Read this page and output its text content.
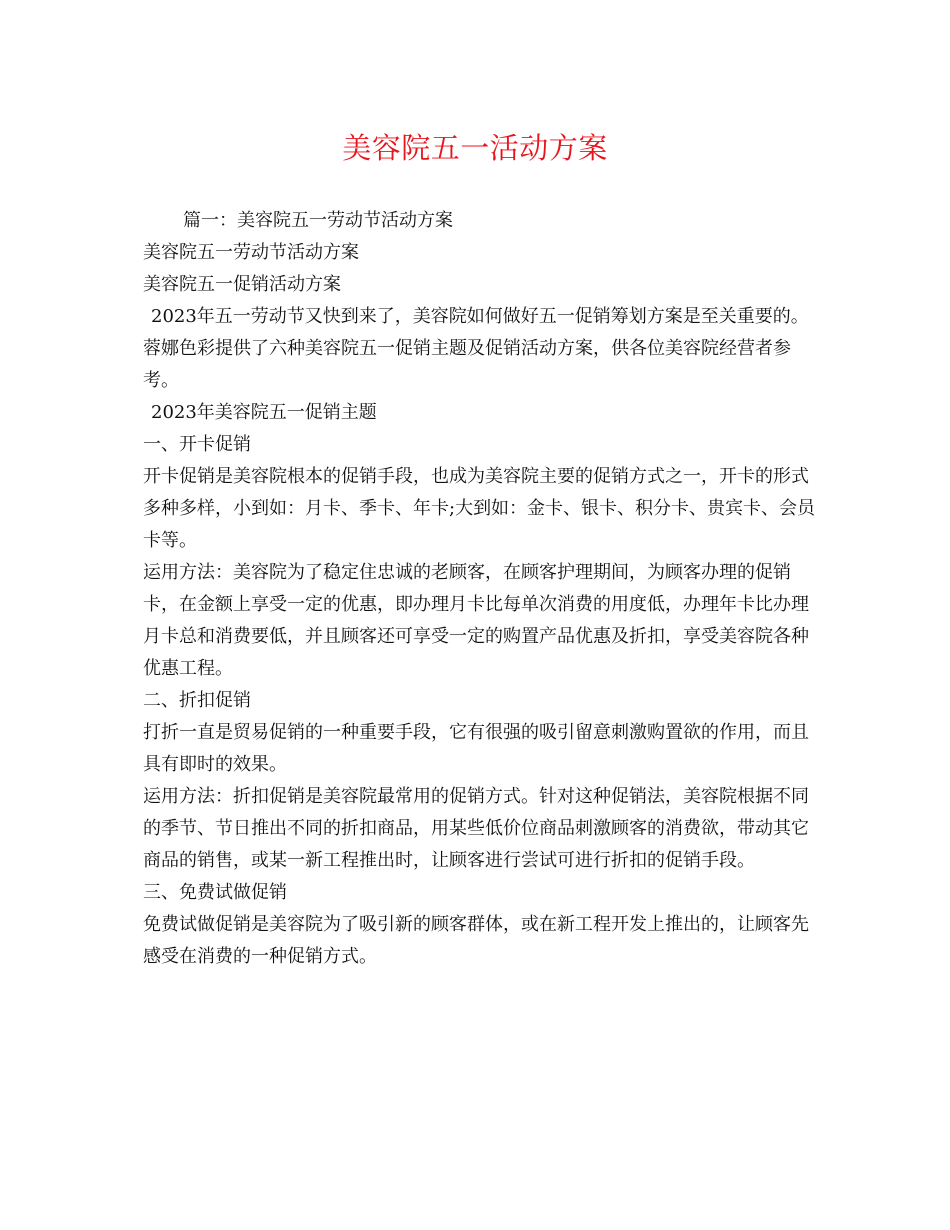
美容院五一活动方案

篇一：美容院五一劳动节活动方案

美容院五一劳动节活动方案

美容院五一促销活动方案

2023年五一劳动节又快到来了，美容院如何做好五一促销筹划方案是至关重要的。蓉娜色彩提供了六种美容院五一促销主题及促销活动方案，供各位美容院经营者参考。

2023年美容院五一促销主题

一、开卡促销

开卡促销是美容院根本的促销手段，也成为美容院主要的促销方式之一，开卡的形式多种多样，小到如：月卡、季卡、年卡;大到如：金卡、银卡、积分卡、贵宾卡、会员卡等。

运用方法：美容院为了稳定住忠诚的老顾客，在顾客护理期间，为顾客办理的促销卡，在金额上享受一定的优惠，即办理月卡比每单次消费的用度低，办理年卡比办理月卡总和消费要低，并且顾客还可享受一定的购置产品优惠及折扣，享受美容院各种优惠工程。

二、折扣促销

打折一直是贸易促销的一种重要手段，它有很强的吸引留意刺激购置欲的作用，而且具有即时的效果。

运用方法：折扣促销是美容院最常用的促销方式。针对这种促销法，美容院根据不同的季节、节日推出不同的折扣商品，用某些低价位商品刺激顾客的消费欲，带动其它商品的销售，或某一新工程推出时，让顾客进行尝试可进行折扣的促销手段。

三、免费试做促销

免费试做促销是美容院为了吸引新的顾客群体，或在新工程开发上推出的，让顾客先感受在消费的一种促销方式。
